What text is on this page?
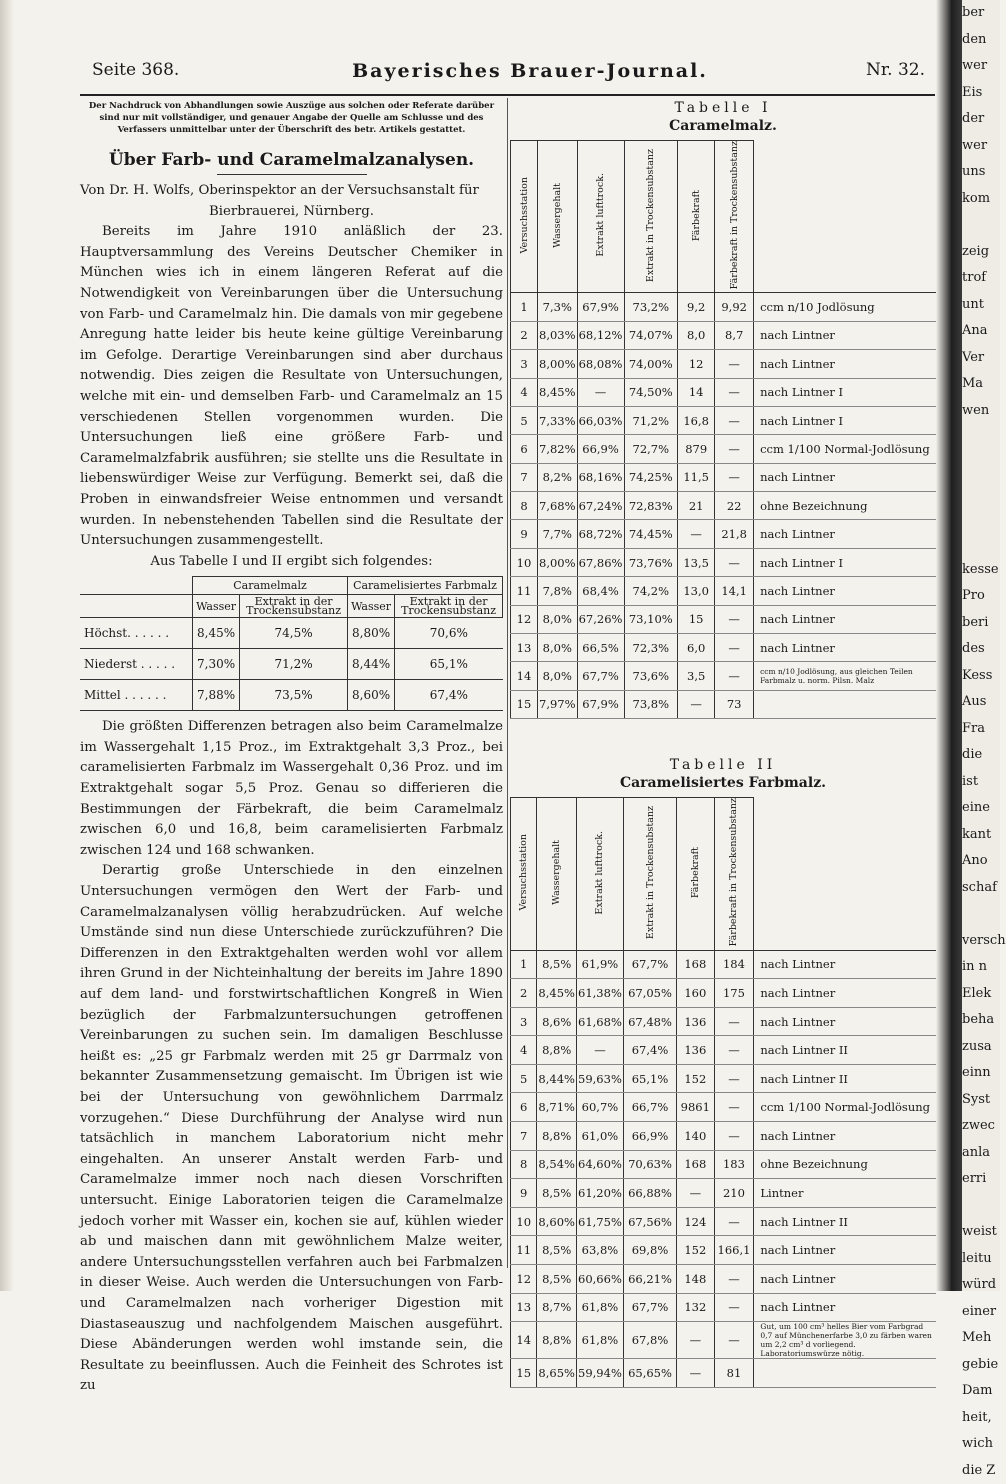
Seite 368.	Bayerisches Brauer-Journal.	Nr. 32.

Der Nachdruck von Abhandlungen sowie Auszüge aus solchen oder Referate darüber sind nur mit vollständiger, und genauer Angabe der Quelle am Schlusse und des Verfassers unmittelbar unter der Überschrift des betr. Artikels gestattet.

Über Farb- und Caramelmalzanalysen.

Von Dr. H. Wolfs, Oberinspektor an der Versuchsanstalt für

Bierbrauerei, Nürnberg.

Bereits im Jahre 1910 anläßlich der 23. Hauptversammlung des Vereins Deutscher Chemiker in München wies ich in einem längeren Referat auf die Notwendigkeit von Vereinbarungen über die Untersuchung von Farb- und Caramelmalz hin. Die damals von mir gegebene Anregung hatte leider bis heute keine gültige Vereinbarung im Gefolge. Derartige Vereinbarungen sind aber durchaus notwendig. Dies zeigen die Resultate von Untersuchungen, welche mit ein- und demselben Farb- und Caramelmalz an 15 verschiedenen Stellen vorgenommen wurden. Die Untersuchungen ließ eine größere Farb- und Caramelmalzfabrik ausführen; sie stellte uns die Resultate in liebenswürdiger Weise zur Verfügung. Bemerkt sei, daß die Proben in einwandsfreier Weise entnommen und versandt wurden. In nebenstehenden Tabellen sind die Resultate der Untersuchungen zusammengestellt.

Aus Tabelle I und II ergibt sich folgendes:

	Caramelmalz		Caramelisiertes Farbmalz	
	Wasser	Extrakt in der Trockensubstanz	Wasser	Extrakt in der Trockensubstanz
Höchst. . . . . .	8,45%	74,5%	8,80%	70,6%
Niederst . . . . .	7,30%	71,2%	8,44%	65,1%
Mittel . . . . . .	7,88%	73,5%	8,60%	67,4%

Die größten Differenzen betragen also beim Caramelmalze im Wassergehalt 1,15 Proz., im Extraktgehalt 3,3 Proz., bei caramelisierten Farbmalz im Wassergehalt 0,36 Proz. und im Extraktgehalt sogar 5,5 Proz. Genau so differieren die Bestimmungen der Färbekraft, die beim Caramelmalz zwischen 6,0 und 16,8, beim caramelisierten Farbmalz zwischen 124 und 168 schwanken.

Derartig große Unterschiede in den einzelnen Untersuchungen vermögen den Wert der Farb- und Caramelmalzanalysen völlig herabzudrücken. Auf welche Umstände sind nun diese Unterschiede zurückzuführen? Die Differenzen in den Extraktgehalten werden wohl vor allem ihren Grund in der Nichteinhaltung der bereits im Jahre 1890 auf dem land- und forstwirtschaftlichen Kongreß in Wien bezüglich der Farbmalzuntersuchungen getroffenen Vereinbarungen zu suchen sein. Im damaligen Beschlusse heißt es: „25 gr Farbmalz werden mit 25 gr Darrmalz von bekannter Zusammensetzung gemaischt. Im Übrigen ist wie bei der Untersuchung von gewöhnlichem Darrmalz vorzugehen.“ Diese Durchführung der Analyse wird nun tatsächlich in manchem Laboratorium nicht mehr eingehalten. An unserer Anstalt werden Farb- und Caramelmalze immer noch nach diesen Vorschriften untersucht. Einige Laboratorien teigen die Caramelmalze jedoch vorher mit Wasser ein, kochen sie auf, kühlen wieder ab und maischen dann mit gewöhnlichem Malze weiter, andere Untersuchungsstellen verfahren auch bei Farbmalzen in dieser Weise. Auch werden die Untersuchungen von Farb- und Caramelmalzen nach vorheriger Digestion mit Diastaseauszug und nachfolgendem Maischen ausgeführt. Diese Abänderungen werden wohl imstande sein, die Resultate zu beeinflussen. Auch die Feinheit des Schrotes ist zu

Tabelle I
Caramelmalz.
Versuchsstation	Wassergehalt	Extrakt lufttrock.	Extrakt in Trockensubstanz	Färbekraft	Färbekraft in Trockensubstanz	
1	7,3%	67,9%	73,2%	9,2	9,92	ccm n/10 Jodlösung
2	8,03%	68,12%	74,07%	8,0	8,7	nach Lintner
3	8,00%	68,08%	74,00%	12	—	nach Lintner
4	8,45%	—	74,50%	14	—	nach Lintner I
5	7,33%	66,03%	71,2%	16,8	—	nach Lintner I
6	7,82%	66,9%	72,7%	879	—	ccm 1/100 Normal-Jodlösung
7	8,2%	68,16%	74,25%	11,5	—	nach Lintner
8	7,68%	67,24%	72,83%	21	22	ohne Bezeichnung
9	7,7%	68,72%	74,45%	—	21,8	nach Lintner
10	8,00%	67,86%	73,76%	13,5	—	nach Lintner I
11	7,8%	68,4%	74,2%	13,0	14,1	nach Lintner
12	8,0%	67,26%	73,10%	15	—	nach Lintner
13	8,0%	66,5%	72,3%	6,0	—	nach Lintner
14	8,0%	67,7%	73,6%	3,5	—	ccm n/10 Jodlösung, aus gleichen Teilen Farbmalz u. norm. Pilsn. Malz
15	7,97%	67,9%	73,8%	—	73	
Tabelle II
Caramelisiertes Farbmalz.
Versuchsstation	Wassergehalt	Extrakt lufttrock.	Extrakt in Trockensubstanz	Färbekraft	Färbekraft in Trockensubstanz	
1	8,5%	61,9%	67,7%	168	184	nach Lintner
2	8,45%	61,38%	67,05%	160	175	nach Lintner
3	8,6%	61,68%	67,48%	136	—	nach Lintner
4	8,8%	—	67,4%	136	—	nach Lintner II
5	8,44%	59,63%	65,1%	152	—	nach Lintner II
6	8,71%	60,7%	66,7%	9861	—	ccm 1/100 Normal-Jodlösung
7	8,8%	61,0%	66,9%	140	—	nach Lintner
8	8,54%	64,60%	70,63%	168	183	ohne Bezeichnung
9	8,5%	61,20%	66,88%	—	210	Lintner
10	8,60%	61,75%	67,56%	124	—	nach Lintner II
11	8,5%	63,8%	69,8%	152	166,1	nach Lintner
12	8,5%	60,66%	66,21%	148	—	nach Lintner
13	8,7%	61,8%	67,7%	132	—	nach Lintner
14	8,8%	61,8%	67,8%	—	—	Gut, um 100 cm³ helles Bier vom Farbgrad 0,7 auf Münchenerfarbe 3,0 zu färben waren um 2,2 cm³ d vorliegend. Laboratoriumswürze nötig.
15	8,65%	59,94%	65,65%	—	81	
ber
den
wer
Eis
der
wer
uns
kom
zeig
trof
unt
Ana
Ver
Ma
wen
kesse
Pro
beri
des
Kess
Aus
Fra
die
ist
eine
kant
Ano
schaf
versch
in n
Elek
beha
zusa
einn
Syst
zwec
anla
erri
weist
leitu
würd
einer
Meh
gebie
Dam
heit,
wich
die Z
